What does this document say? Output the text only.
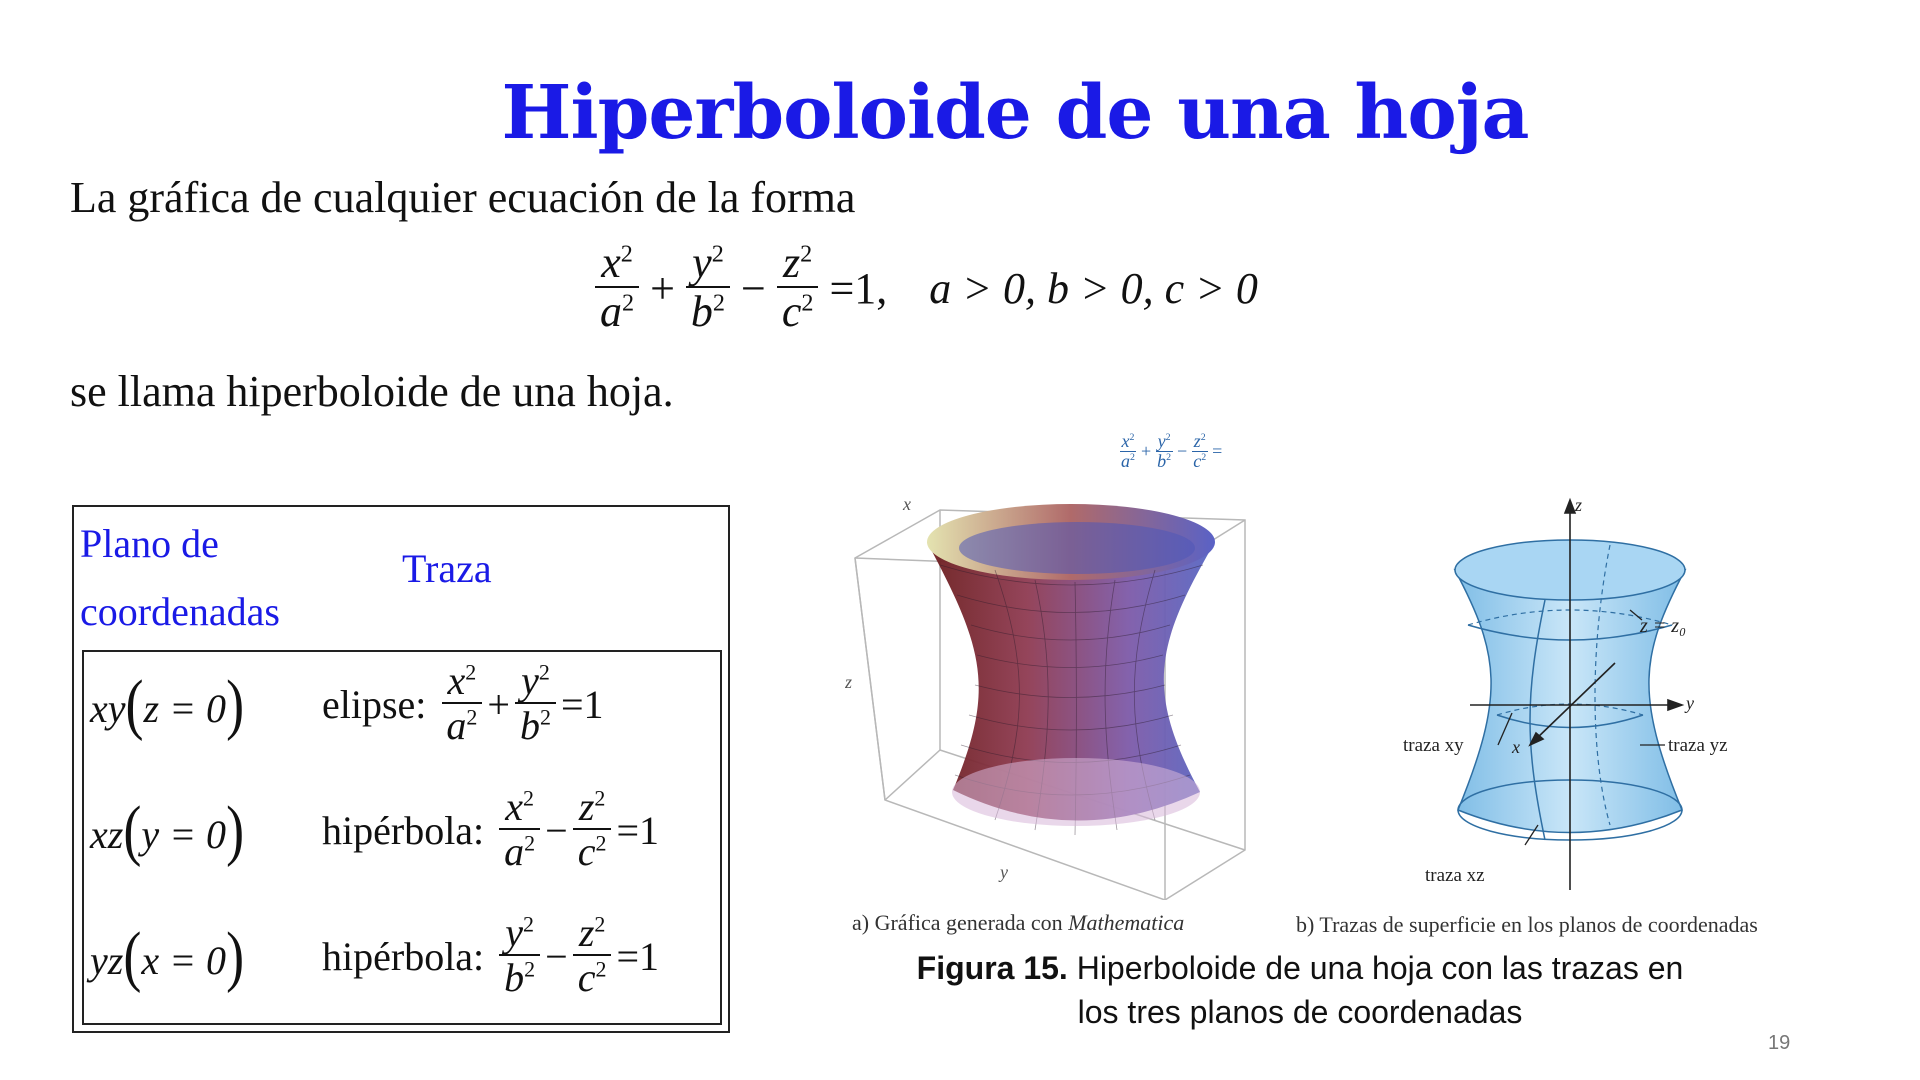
Hiperboloide de una hoja
La gráfica de cualquier ecuación de la forma
$\frac{x^2}{a^2} + \frac{y^2}{b^2} - \frac{z^2}{c^2} =1$, a > 0, b > 0, c > 0
se llama hiperboloide de una hoja.
Plano de
coordenadas
Traza
xy(z = 0)	elipse: $\frac{x^2}{a^2} + \frac{y^2}{b^2} =1$
xz(y = 0)	hipérbola: $\frac{x^2}{a^2} - \frac{z^2}{c^2} =1$
yz(x = 0)	hipérbola: $\frac{y^2}{b^2} - \frac{z^2}{c^2} =1$
$\frac{x^2}{a^2} + \frac{y^2}{b^2} - \frac{z^2}{c^2}$ =
x
z
y
z = z₀
z
y
x
traza xy	traza yz
traza xz
a) Gráfica generada con Mathematica	b) Trazas de superficie en los planos de coordenadas
Figura 15. Hiperboloide de una hoja con las trazas en
los tres planos de coordenadas
19
